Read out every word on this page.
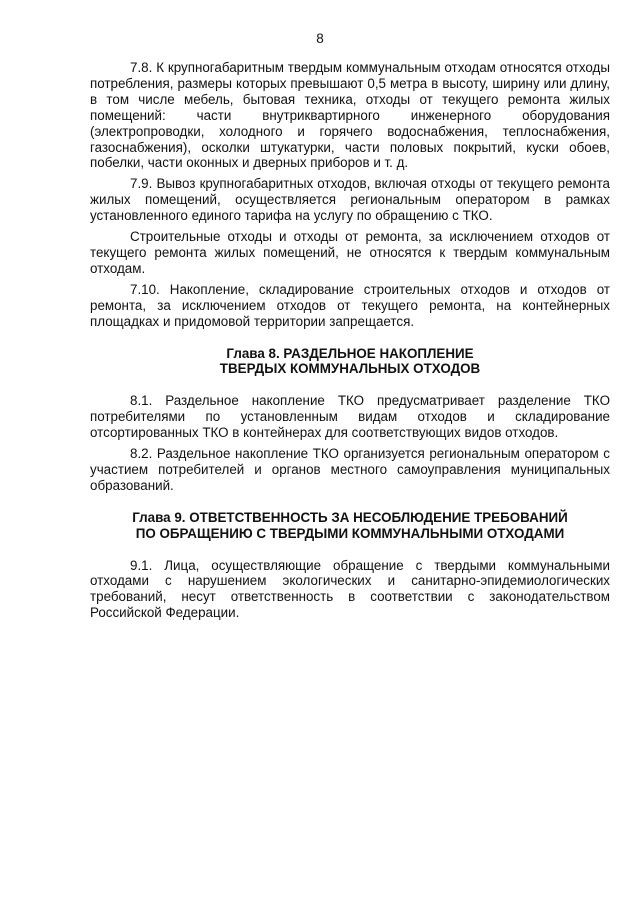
8

7.8. К крупногабаритным твердым коммунальным отходам относятся отходы потребления, размеры которых превышают 0,5 метра в высоту, ширину или длину, в том числе мебель, бытовая техника, отходы от текущего ремонта жилых помещений: части внутриквартирного инженерного оборудования (электропроводки, холодного и горячего водоснабжения, теплоснабжения, газоснабжения), осколки штукатурки, части половых покрытий, куски обоев, побелки, части оконных и дверных приборов и т. д.

7.9. Вывоз крупногабаритных отходов, включая отходы от текущего ремонта жилых помещений, осуществляется региональным оператором в рамках установленного единого тарифа на услугу по обращению с ТКО.

Строительные отходы и отходы от ремонта, за исключением отходов от текущего ремонта жилых помещений, не относятся к твердым коммунальным отходам.

7.10. Накопление, складирование строительных отходов и отходов от ремонта, за исключением отходов от текущего ремонта, на контейнерных площадках и придомовой территории запрещается.

Глава 8. РАЗДЕЛЬНОЕ НАКОПЛЕНИЕ
ТВЕРДЫХ КОММУНАЛЬНЫХ ОТХОДОВ

8.1. Раздельное накопление ТКО предусматривает разделение ТКО потребителями по установленным видам отходов и складирование отсортированных ТКО в контейнерах для соответствующих видов отходов.

8.2. Раздельное накопление ТКО организуется региональным оператором с участием потребителей и органов местного самоуправления муниципальных образований.

Глава 9. ОТВЕТСТВЕННОСТЬ ЗА НЕСОБЛЮДЕНИЕ ТРЕБОВАНИЙ
ПО ОБРАЩЕНИЮ С ТВЕРДЫМИ КОММУНАЛЬНЫМИ ОТХОДАМИ

9.1. Лица, осуществляющие обращение с твердыми коммунальными отходами с нарушением экологических и санитарно-эпидемиологических требований, несут ответственность в соответствии с законодательством Российской Федерации.
